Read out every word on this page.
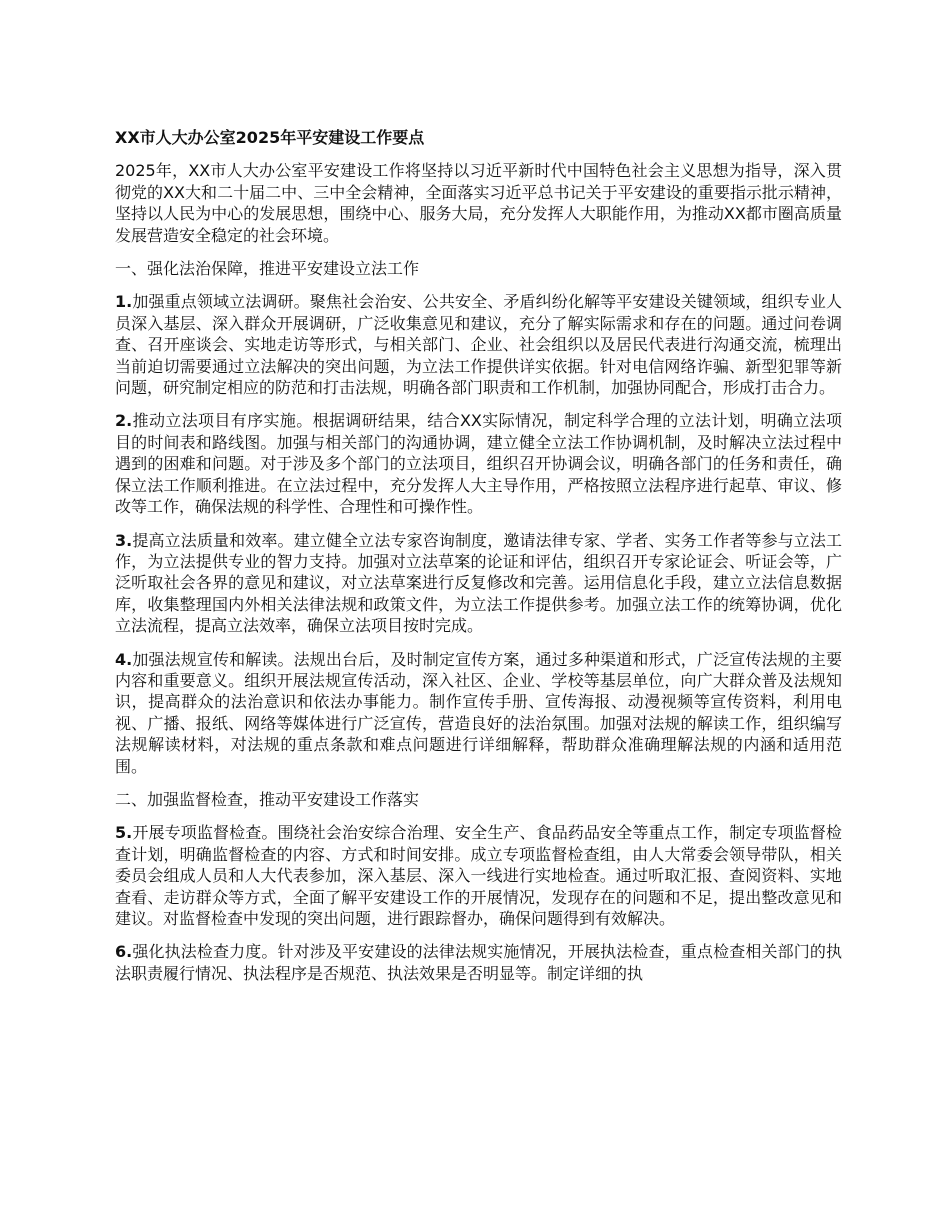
XX市人大办公室2025年平安建设工作要点

2025年，XX市人大办公室平安建设工作将坚持以习近平新时代中国特色社会主义思想为指导，深入贯彻党的XX大和二十届二中、三中全会精神，全面落实习近平总书记关于平安建设的重要指示批示精神，坚持以人民为中心的发展思想，围绕中心、服务大局，充分发挥人大职能作用，为推动XX都市圈高质量发展营造安全稳定的社会环境。

一、强化法治保障，推进平安建设立法工作

1.加强重点领域立法调研。聚焦社会治安、公共安全、矛盾纠纷化解等平安建设关键领域，组织专业人员深入基层、深入群众开展调研，广泛收集意见和建议，充分了解实际需求和存在的问题。通过问卷调查、召开座谈会、实地走访等形式，与相关部门、企业、社会组织以及居民代表进行沟通交流，梳理出当前迫切需要通过立法解决的突出问题，为立法工作提供详实依据。针对电信网络诈骗、新型犯罪等新问题，研究制定相应的防范和打击法规，明确各部门职责和工作机制，加强协同配合，形成打击合力。

2.推动立法项目有序实施。根据调研结果，结合XX实际情况，制定科学合理的立法计划，明确立法项目的时间表和路线图。加强与相关部门的沟通协调，建立健全立法工作协调机制，及时解决立法过程中遇到的困难和问题。对于涉及多个部门的立法项目，组织召开协调会议，明确各部门的任务和责任，确保立法工作顺利推进。在立法过程中，充分发挥人大主导作用，严格按照立法程序进行起草、审议、修改等工作，确保法规的科学性、合理性和可操作性。

3.提高立法质量和效率。建立健全立法专家咨询制度，邀请法律专家、学者、实务工作者等参与立法工作，为立法提供专业的智力支持。加强对立法草案的论证和评估，组织召开专家论证会、听证会等，广泛听取社会各界的意见和建议，对立法草案进行反复修改和完善。运用信息化手段，建立立法信息数据库，收集整理国内外相关法律法规和政策文件，为立法工作提供参考。加强立法工作的统筹协调，优化立法流程，提高立法效率，确保立法项目按时完成。

4.加强法规宣传和解读。法规出台后，及时制定宣传方案，通过多种渠道和形式，广泛宣传法规的主要内容和重要意义。组织开展法规宣传活动，深入社区、企业、学校等基层单位，向广大群众普及法规知识，提高群众的法治意识和依法办事能力。制作宣传手册、宣传海报、动漫视频等宣传资料，利用电视、广播、报纸、网络等媒体进行广泛宣传，营造良好的法治氛围。加强对法规的解读工作，组织编写法规解读材料，对法规的重点条款和难点问题进行详细解释，帮助群众准确理解法规的内涵和适用范围。

二、加强监督检查，推动平安建设工作落实

5.开展专项监督检查。围绕社会治安综合治理、安全生产、食品药品安全等重点工作，制定专项监督检查计划，明确监督检查的内容、方式和时间安排。成立专项监督检查组，由人大常委会领导带队，相关委员会组成人员和人大代表参加，深入基层、深入一线进行实地检查。通过听取汇报、查阅资料、实地查看、走访群众等方式，全面了解平安建设工作的开展情况，发现存在的问题和不足，提出整改意见和建议。对监督检查中发现的突出问题，进行跟踪督办，确保问题得到有效解决。

6.强化执法检查力度。针对涉及平安建设的法律法规实施情况，开展执法检查，重点检查相关部门的执法职责履行情况、执法程序是否规范、执法效果是否明显等。制定详细的执
